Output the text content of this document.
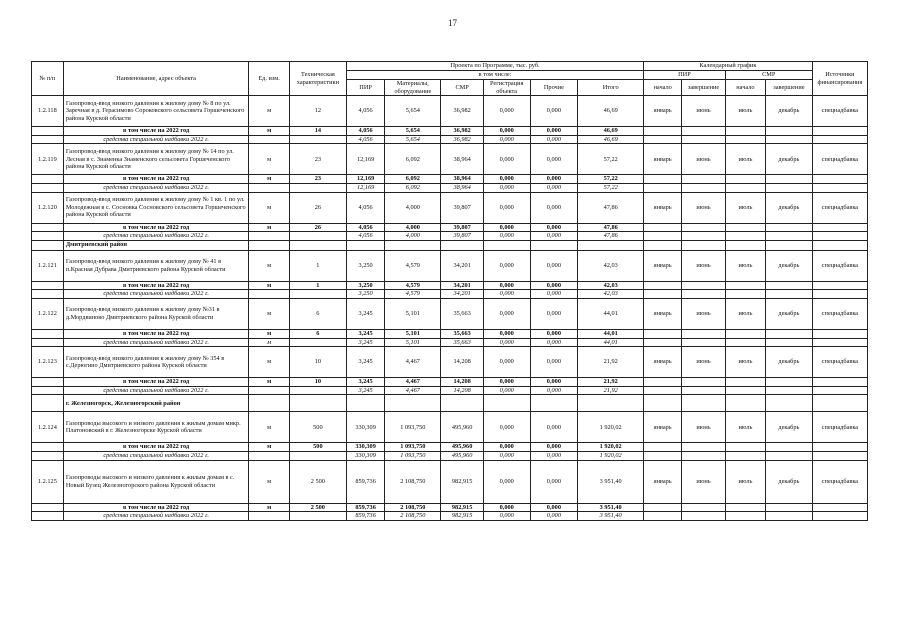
17
№ п/п	Наименование, адрес объекта	Ед. изм.	Техническая характеристики	Проекта по Программе, тыс. руб.						Календарный график				Источники финансирования
				в том числе:						ПИР		СМР		
				ПИР	Материалы, оборудование	СМР	Регистрация объекта	Прочие	Итого	начало	завершение	начало	завершение	
1.2.118	Газопровод-ввод низкого давления к жилому дому № 8 по ул. Заречная в д. Герасимово Сороковского сельсовета Горшеченского района Курской области	м	12	4,056	5,654	36,982	0,000	0,000	46,69	январь	июнь	июль	декабрь	спецнадбавка
	в том числе на 2022 год	м	14	4,056	5,654	36,982	0,000	0,000	46,69					
	средства специальной надбавки 2022 г.			4,056	5,654	36,982	0,000	0,000	46,69					
1.2.119	Газопровод-ввод низкого давления к жилому дому № 14 по ул. Лесная в с. Знаменка Знаменского сельсовета Горшеченского района Курской области	м	23	12,169	6,092	38,964	0,000	0,000	57,22	январь	июнь	июль	декабрь	спецнадбавка
	в том числе на 2022 год	м	23	12,169	6,092	38,964	0,000	0,000	57,22					
	средства специальной надбавки 2022 г.			12,169	6,092	38,964	0,000	0,000	57,22					
1.2.120	Газопровод-ввод низкого давления к жилому дому № 1 кв. 1 по ул. Молодежная в с. Сосновка Сосновского сельсовета Горшеченского района Курской области	м	26	4,056	4,000	39,807	0,000	0,000	47,86	январь	июнь	июль	декабрь	спецнадбавка
	в том числе на 2022 год	м	26	4,056	4,000	39,807	0,000	0,000	47,86					
	средства специальной надбавки 2022 г.			4,056	4,000	39,807	0,000	0,000	47,86					
	Дмитриевский район													
1.2.121	Газопровод-ввод низкого давления к жилому дому № 41 в п.Красная Дубрава Дмитриевского района Курской области	м	1	3,250	4,579	34,201	0,000	0,000	42,03	январь	июнь	июль	декабрь	спецнадбавка
	в том числе на 2022 год	м	1	3,250	4,579	34,201	0,000	0,000	42,03					
	средства специальной надбавки 2022 г.			3,250	4,579	34,201	0,000	0,000	42,03					
1.2.122	Газопровод-ввод низкого давления к жилому дому №31 в д.Мордвиново Дмитриевского района Курской области	м	6	3,245	5,101	35,663	0,000	0,000	44,01	январь	июнь	июль	декабрь	спецнадбавка
	в том числе на 2022 год	м	6	3,245	5,101	35,663	0,000	0,000	44,01					
	средства специальной надбавки 2022 г.	м		3,245	5,101	35,663	0,000	0,000	44,01					
1.2.123	Газопровод-ввод низкого давления к жилому дому № 354 в с.Дерюгино Дмитриевского района Курской области	м	10	3,245	4,467	14,208	0,000	0,000	21,92	январь	июнь	июль	декабрь	спецнадбавка
	в том числе на 2022 год	м	10	3,245	4,467	14,208	0,000	0,000	21,92					
	средства специальной надбавки 2022 г.			3,245	4,467	14,208	0,000	0,000	21,92					
	г. Железногорск, Железногорский район													
1.2.124	Газопроводы высокого и низкого давления к жилым домам микр. Платоновский в г. Железногорске Курской области	м	500	330,309	1 093,750	495,960	0,000	0,000	1 920,02	январь	июнь	июль	декабрь	спецнадбавка
	в том числе на 2022 год	м	500	330,309	1 093,750	495,960	0,000	0,000	1 920,02					
	средства специальной надбавки 2022 г.			330,309	1 093,750	495,960	0,000	0,000	1 920,02					
1.2.125	Газопроводы высокого и низкого давления к жилым домам в с. Новый Бузец Железногорского района Курской области	м	2 500	859,736	2 108,750	982,915	0,000	0,000	3 951,40	январь	июнь	июль	декабрь	спецнадбавка
	в том числе на 2022 год	м	2 500	859,736	2 108,750	982,915	0,000	0,000	3 951,40					
	средства специальной надбавки 2022 г.			859,736	2 108,750	982,915	0,000	0,000	3 951,40					
